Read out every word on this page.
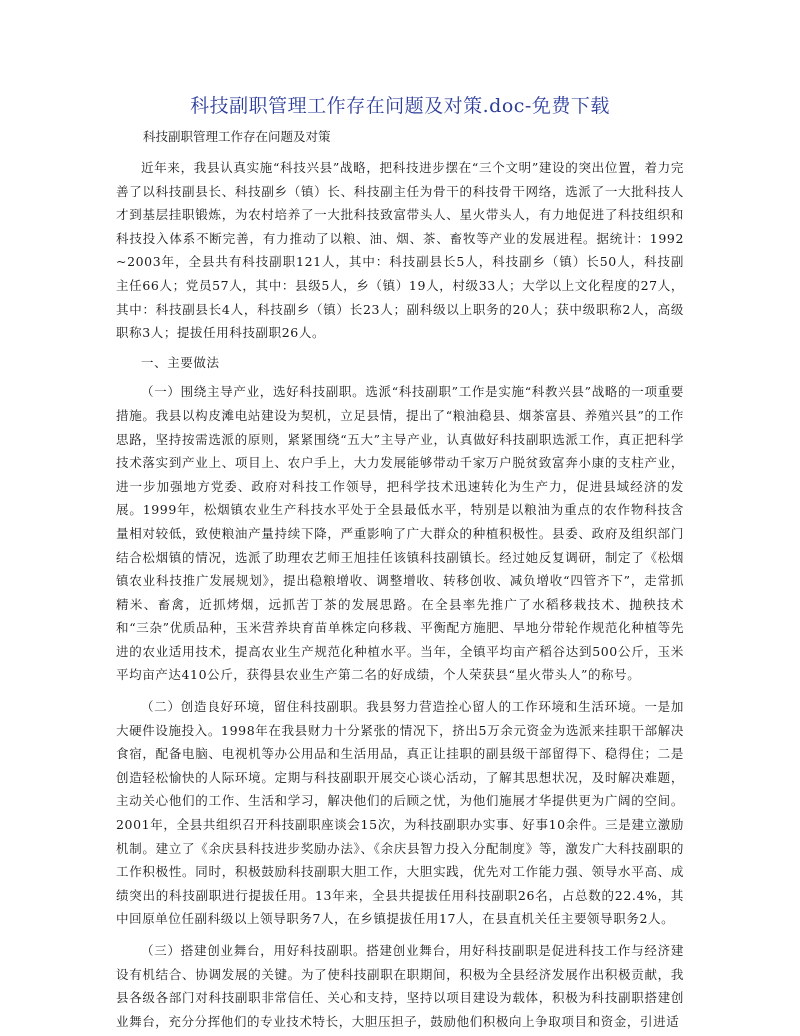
科技副职管理工作存在问题及对策.doc-免费下载

科技副职管理工作存在问题及对策

近年来，我县认真实施“科技兴县”战略，把科技进步摆在“三个文明”建设的突出位置，着力完善了以科技副县长、科技副乡（镇）长、科技副主任为骨干的科技骨干网络，选派了一大批科技人才到基层挂职锻炼，为农村培养了一大批科技致富带头人、星火带头人，有力地促进了科技组织和科技投入体系不断完善，有力推动了以粮、油、烟、茶、畜牧等产业的发展进程。据统计：1992~2003年，全县共有科技副职121人，其中：科技副县长5人，科技副乡（镇）长50人，科技副主任66人；党员57人，其中：县级5人，乡（镇）19人，村级33人；大学以上文化程度的27人，其中：科技副县长4人，科技副乡（镇）长23人；副科级以上职务的20人；获中级职称2人，高级职称3人；提拔任用科技副职26人。

一、主要做法

（一）围绕主导产业，选好科技副职。选派“科技副职”工作是实施“科教兴县”战略的一项重要措施。我县以构皮滩电站建设为契机，立足县情，提出了“粮油稳县、烟茶富县、养殖兴县”的工作思路，坚持按需选派的原则，紧紧围绕“五大”主导产业，认真做好科技副职选派工作，真正把科学技术落实到产业上、项目上、农户手上，大力发展能够带动千家万户脱贫致富奔小康的支柱产业，进一步加强地方党委、政府对科技工作领导，把科学技术迅速转化为生产力，促进县域经济的发展。1999年，松烟镇农业生产科技水平处于全县最低水平，特别是以粮油为重点的农作物科技含量相对较低，致使粮油产量持续下降，严重影响了广大群众的种植积极性。县委、政府及组织部门结合松烟镇的情况，选派了助理农艺师王旭挂任该镇科技副镇长。经过她反复调研，制定了《松烟镇农业科技推广发展规划》，提出稳粮增收、调整增收、转移创收、减负增收“四管齐下”，走常抓精米、畜禽，近抓烤烟，远抓苦丁茶的发展思路。在全县率先推广了水稻移栽技术、抛秧技术和“三杂”优质品种，玉米营养块育苗单株定向移栽、平衡配方施肥、旱地分带轮作规范化种植等先进的农业适用技术，提高农业生产规范化种植水平。当年，全镇平均亩产稻谷达到500公斤，玉米平均亩产达410公斤，获得县农业生产第二名的好成绩，个人荣获县“星火带头人”的称号。

（二）创造良好环境，留住科技副职。我县努力营造拴心留人的工作环境和生活环境。一是加大硬件设施投入。1998年在我县财力十分紧张的情况下，挤出5万余元资金为选派来挂职干部解决食宿，配备电脑、电视机等办公用品和生活用品，真正让挂职的副县级干部留得下、稳得住；二是创造轻松愉快的人际环境。定期与科技副职开展交心谈心活动，了解其思想状况，及时解决难题，主动关心他们的工作、生活和学习，解决他们的后顾之忧，为他们施展才华提供更为广阔的空间。2001年，全县共组织召开科技副职座谈会15次，为科技副职办实事、好事10余件。三是建立激励机制。建立了《余庆县科技进步奖励办法》、《余庆县智力投入分配制度》等，激发广大科技副职的工作积极性。同时，积极鼓励科技副职大胆工作，大胆实践，优先对工作能力强、领导水平高、成绩突出的科技副职进行提拔任用。13年来，全县共提拔任用科技副职26名，占总数的22.4%，其中回原单位任副科级以上领导职务7人，在乡镇提拔任用17人，在县直机关任主要领导职务2人。

（三）搭建创业舞台，用好科技副职。搭建创业舞台，用好科技副职是促进科技工作与经济建设有机结合、协调发展的关键。为了使科技副职在职期间，积极为全县经济发展作出积极贡献，我县各级各部门对科技副职非常信任、关心和支持，坚持以项目建设为载体，积极为科技副职搭建创业舞台，充分分挥他们的专业技术特长，大胆压担子，鼓励他们积极向上争取项目和资金，引进适
